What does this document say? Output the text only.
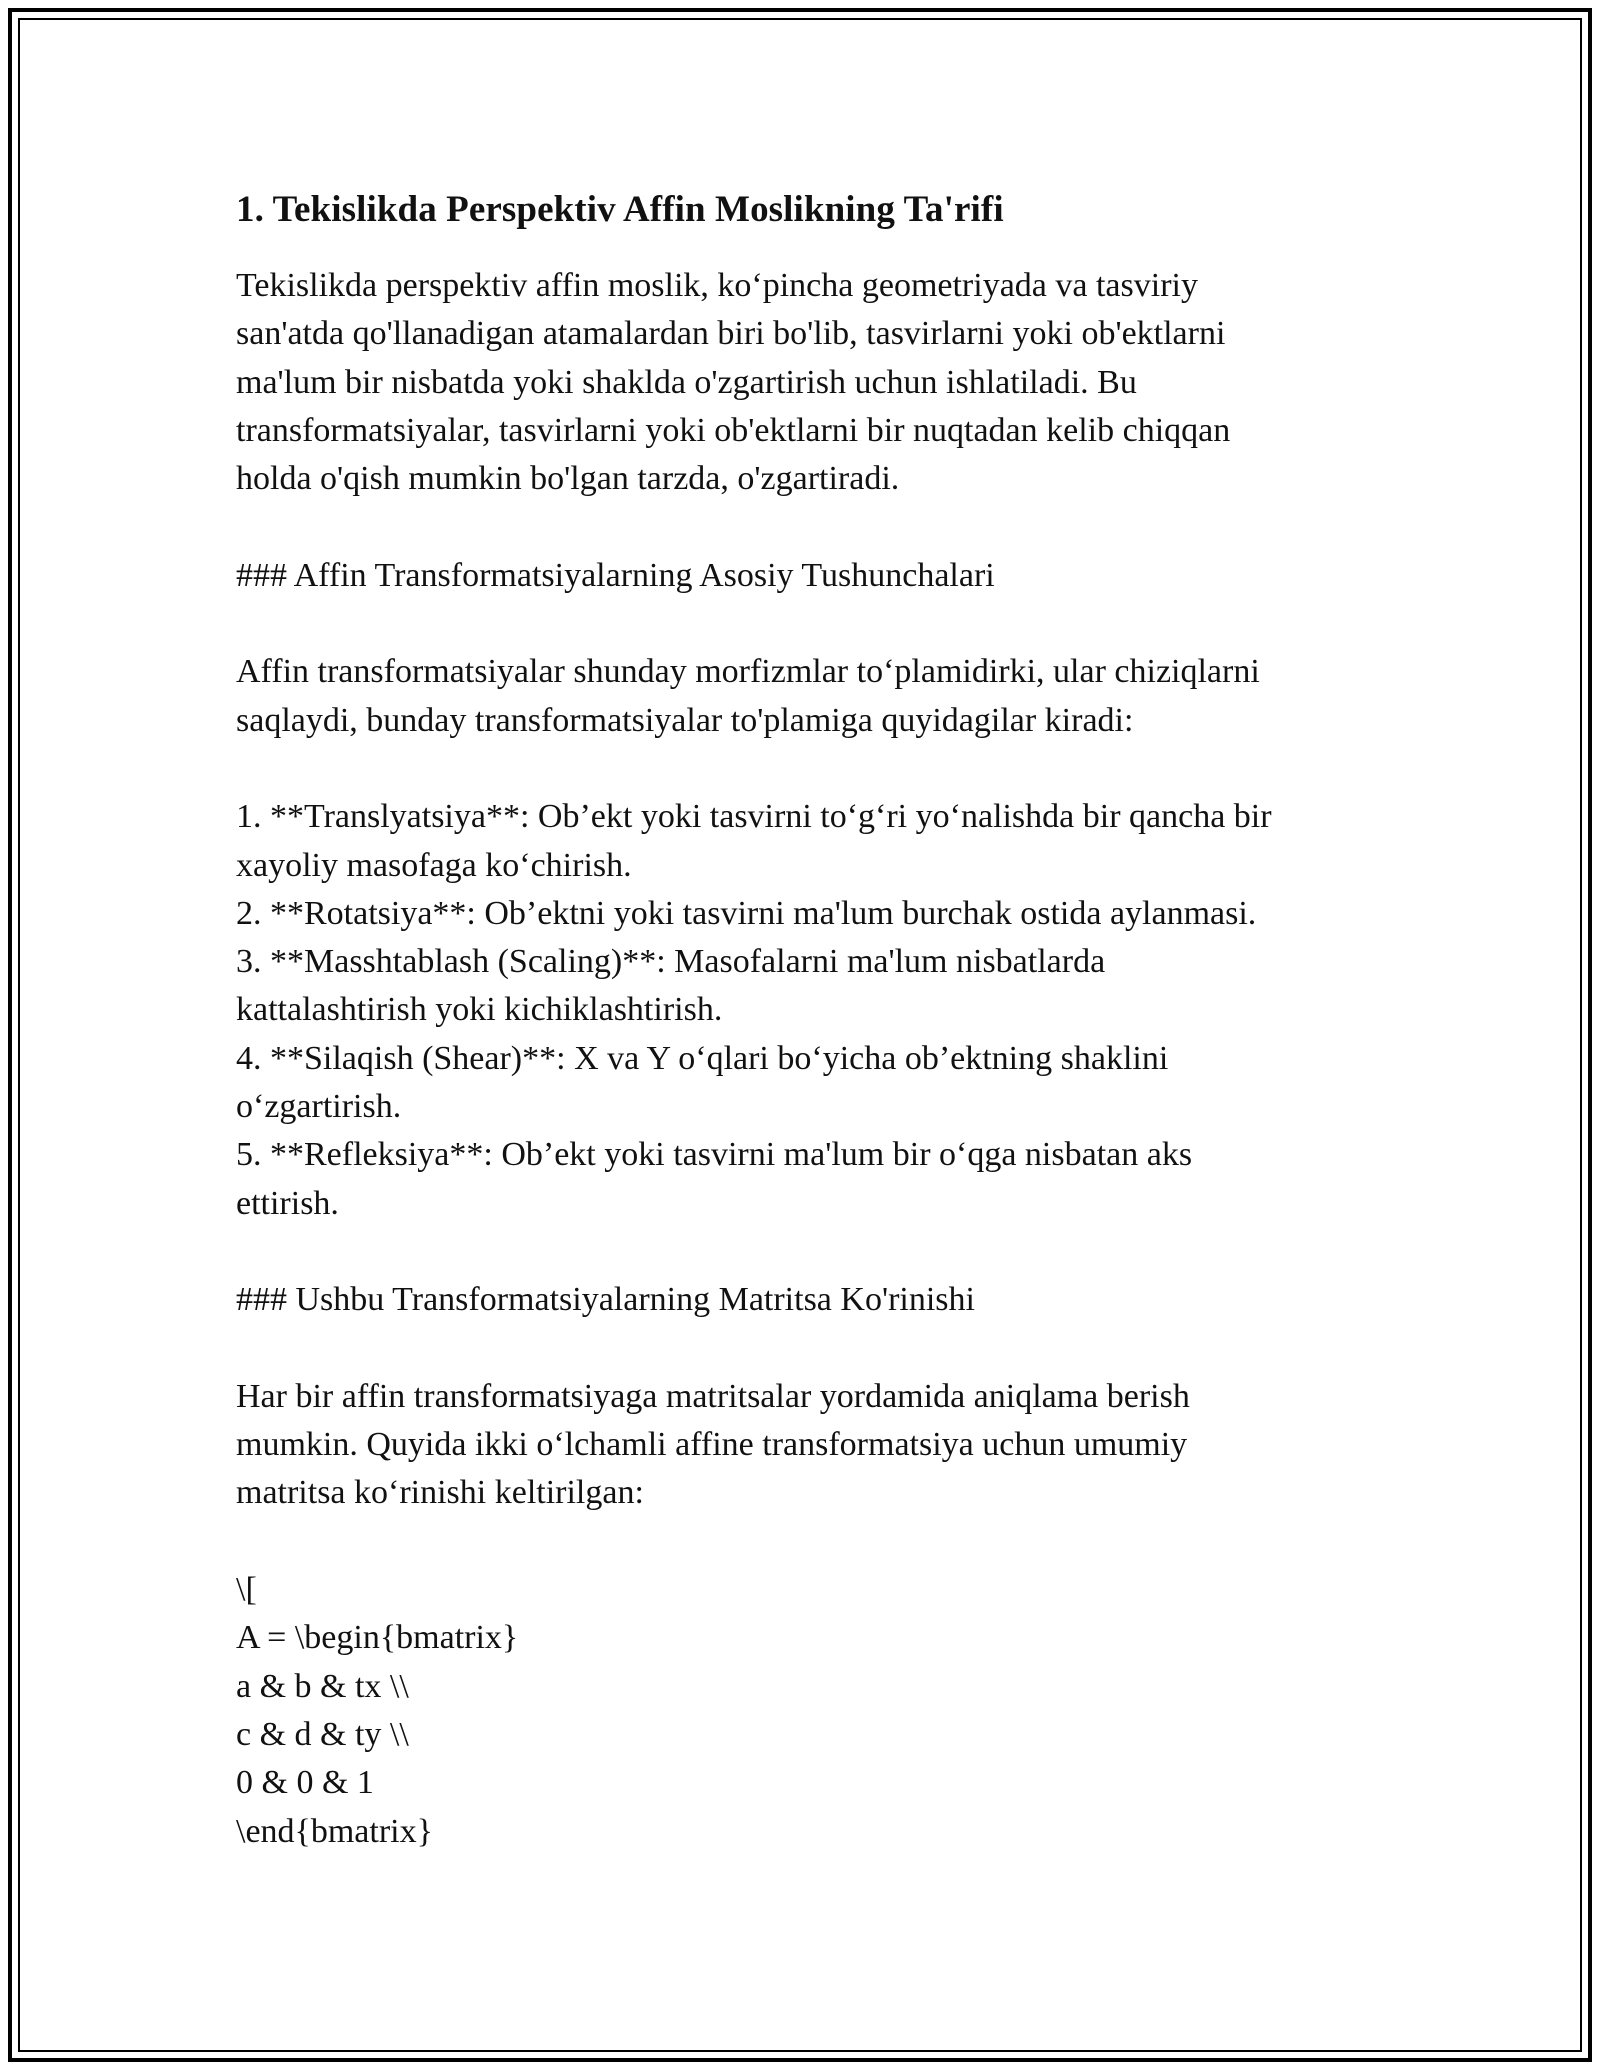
1. Tekislikda Perspektiv Affin Moslikning Ta'rifi

Tekislikda perspektiv affin moslik, ko‘pincha geometriyada va tasviriy

san'atda qo'llanadigan atamalardan biri bo'lib, tasvirlarni yoki ob'ektlarni

ma'lum bir nisbatda yoki shaklda o'zgartirish uchun ishlatiladi. Bu

transformatsiyalar, tasvirlarni yoki ob'ektlarni bir nuqtadan kelib chiqqan

holda o'qish mumkin bo'lgan tarzda, o'zgartiradi.

### Affin Transformatsiyalarning Asosiy Tushunchalari

Affin transformatsiyalar shunday morfizmlar to‘plamidirki, ular chiziqlarni

saqlaydi, bunday transformatsiyalar to'plamiga quyidagilar kiradi:

1. **Translyatsiya**: Ob’ekt yoki tasvirni to‘g‘ri yo‘nalishda bir qancha bir

xayoliy masofaga ko‘chirish.

2. **Rotatsiya**: Ob’ektni yoki tasvirni ma'lum burchak ostida aylanmasi.

3. **Masshtablash (Scaling)**: Masofalarni ma'lum nisbatlarda

kattalashtirish yoki kichiklashtirish.

4. **Silaqish (Shear)**: X va Y o‘qlari bo‘yicha ob’ektning shaklini

o‘zgartirish.

5. **Refleksiya**: Ob’ekt yoki tasvirni ma'lum bir o‘qga nisbatan aks

ettirish.

### Ushbu Transformatsiyalarning Matritsa Ko'rinishi

Har bir affin transformatsiyaga matritsalar yordamida aniqlama berish

mumkin. Quyida ikki o‘lchamli affine transformatsiya uchun umumiy

matritsa ko‘rinishi keltirilgan:

\[

A = \begin{bmatrix}

a & b & tx \\

c & d & ty \\

0 & 0 & 1

\end{bmatrix}
